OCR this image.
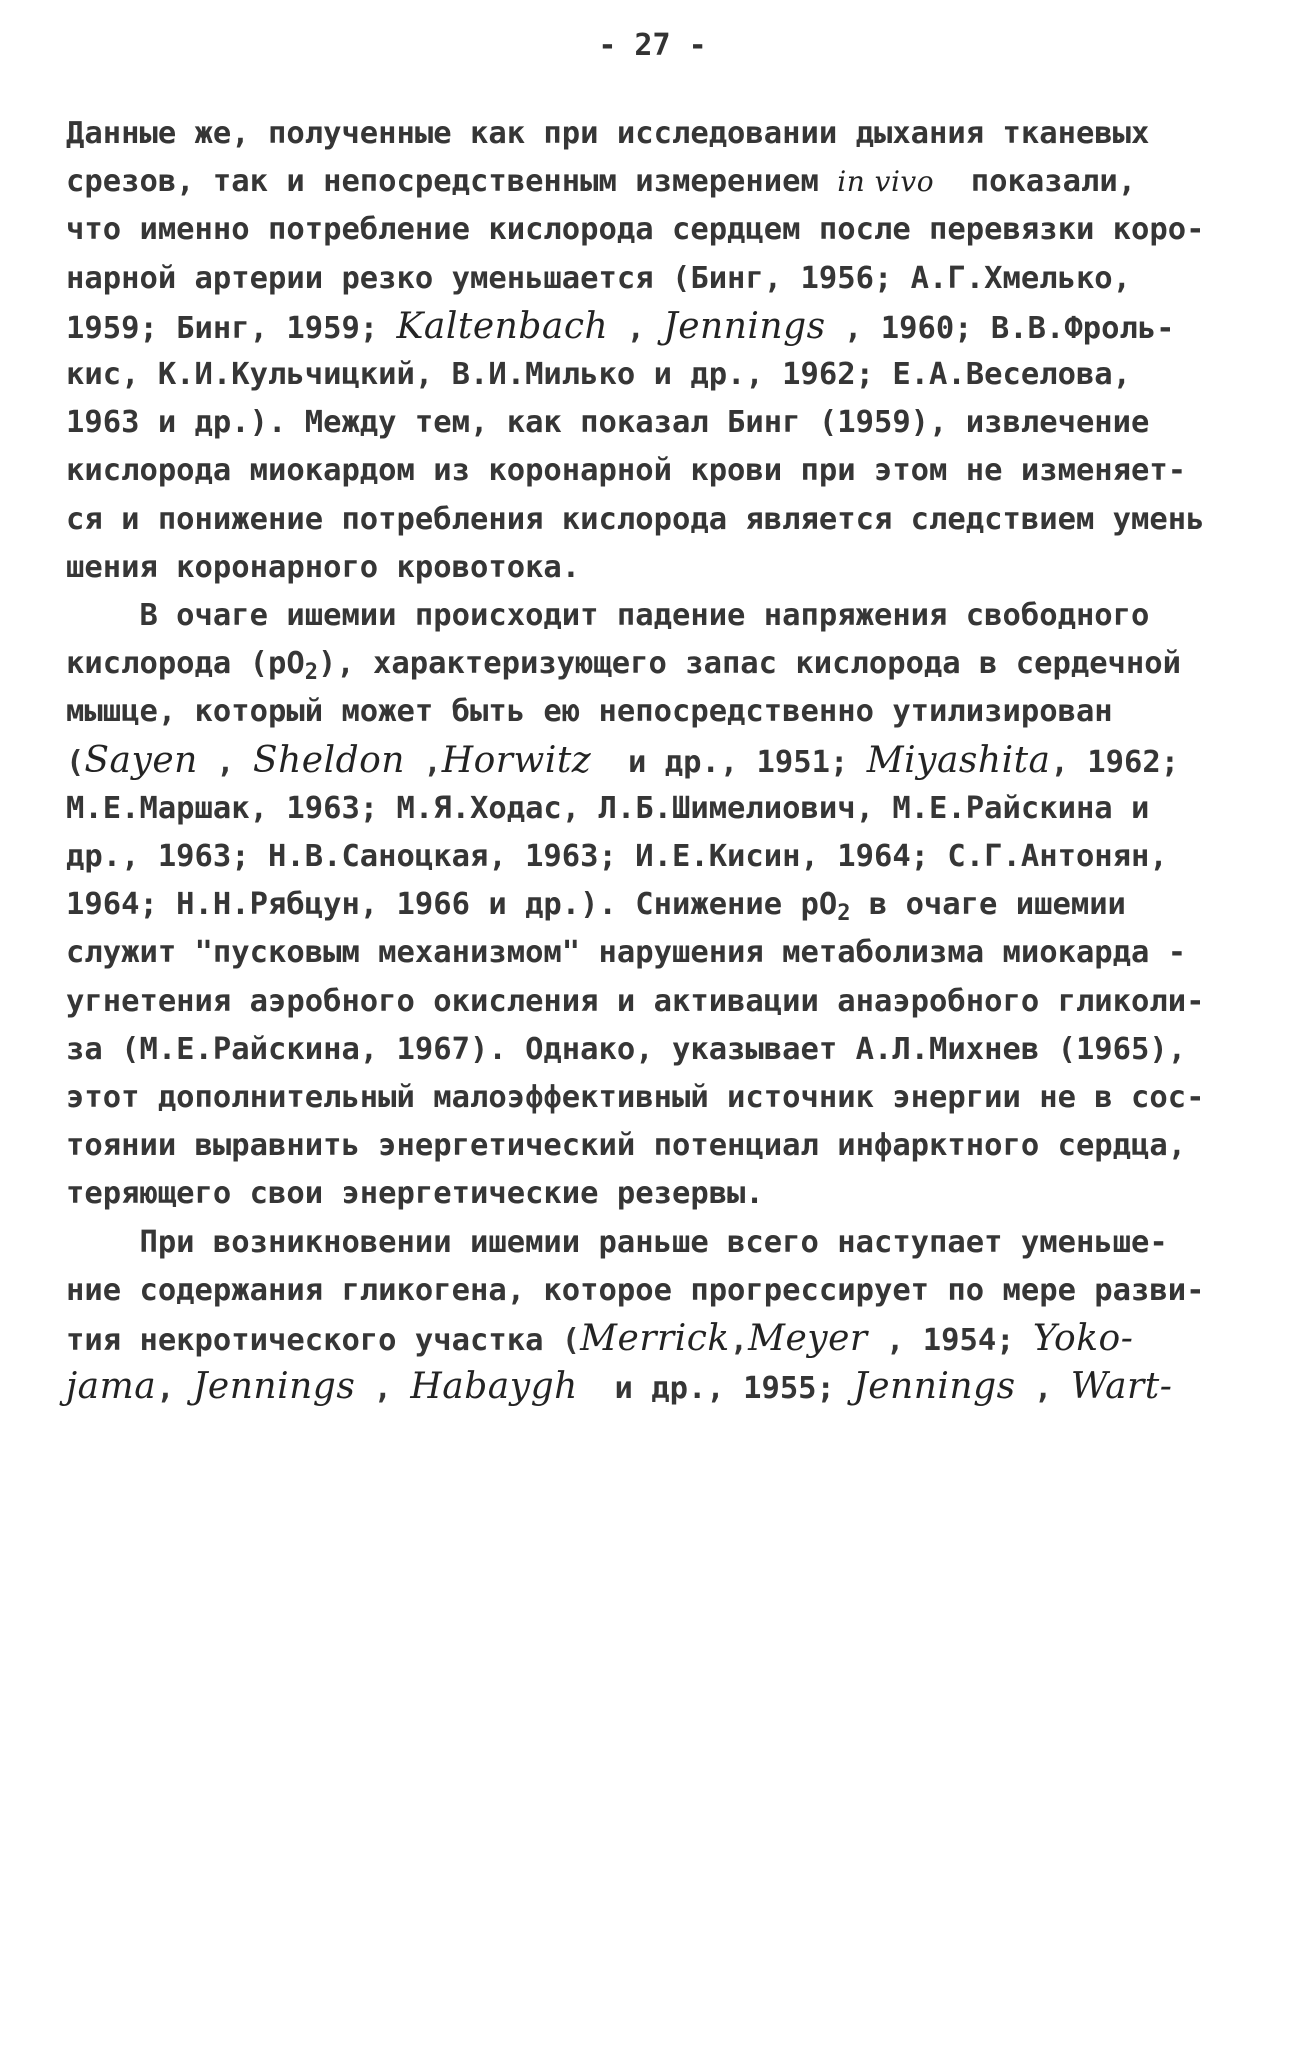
- 27 -
Данные же, полученные как при исследовании дыхания тканевых
срезов, так и непосредственным измерением in vivo  показали,
что именно потребление кислорода сердцем после перевязки коро-
нарной артерии резко уменьшается (Бинг, 1956; А.Г.Хмелько,
1959; Бинг, 1959; Kaltenbach , Jennings , 1960; В.В.Фроль-
кис, К.И.Кульчицкий, В.И.Милько и др., 1962; Е.А.Веселова,
1963 и др.). Между тем, как показал Бинг (1959), извлечение
кислорода миокардом из коронарной крови при этом не изменяет-
ся и понижение потребления кислорода является следствием умень
шения коронарного кровотока.
В очаге ишемии происходит падение напряжения свободного
кислорода $(pO_2)$, характеризующего запас кислорода в сердечной
мышце, который может быть ею непосредственно утилизирован
(Sayen , Sheldon ,Horwitz  и др., 1951; Miyashita, 1962;
М.Е.Маршак, 1963; М.Я.Ходас, Л.Б.Шимелиович, М.Е.Райскина и
др., 1963; Н.В.Саноцкая, 1963; И.Е.Кисин, 1964; С.Г.Антонян,
1964; Н.Н.Рябцун, 1966 и др.). Снижение $pO_2$ в очаге ишемии
служит "пусковым механизмом" нарушения метаболизма миокарда -
угнетения аэробного окисления и активации анаэробного гликоли-
за (М.Е.Райскина, 1967). Однако, указывает А.Л.Михнев (1965),
этот дополнительный малоэффективный источник энергии не в сос-
тоянии выравнить энергетический потенциал инфарктного сердца,
теряющего свои энергетические резервы.
При возникновении ишемии раньше всего наступает уменьше-
ние содержания гликогена, которое прогрессирует по мере разви-
тия некротического участка (Merrick,Meyer , 1954; Yoko-
jama, Jennings , Habaygh  и др., 1955; Jennings , Wart-
